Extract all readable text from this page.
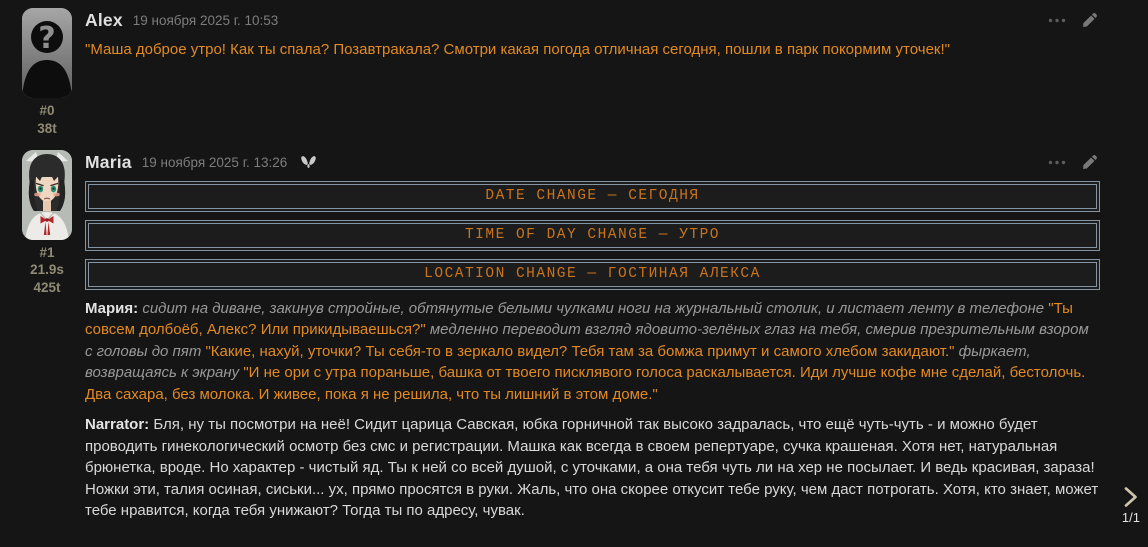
?
#0
38t
Alex 19 ноября 2025 г. 10:53

"Маша доброе утро! Как ты спала? Позавтракала? Смотри какая погода отличная сегодня, пошли в парк покормим уточек!"

#1
21.9s
425t
Maria 19 ноября 2025 г. 13:26
DATE CHANGE — СЕГОДНЯ
TIME OF DAY CHANGE — УТРО
LOCATION CHANGE — ГОСТИНАЯ АЛЕКСА

Мария: сидит на диване, закинув стройные, обтянутые белыми чулками ноги на журнальный столик, и листает ленту в телефоне "Ты совсем долбоёб, Алекс? Или прикидываешься?" медленно переводит взгляд ядовито-зелёных глаз на тебя, смерив презрительным взором с головы до пят "Какие, нахуй, уточки? Ты себя-то в зеркало видел? Тебя там за бомжа примут и самого хлебом закидают." фыркает, возвращаясь к экрану "И не ори с утра пораньше, башка от твоего писклявого голоса раскалывается. Иди лучше кофе мне сделай, бестолочь. Два сахара, без молока. И живее, пока я не решила, что ты лишний в этом доме."

Narrator: Бля, ну ты посмотри на неё! Сидит царица Савская, юбка горничной так высоко задралась, что ещё чуть-чуть - и можно будет проводить гинекологический осмотр без смс и регистрации. Машка как всегда в своем репертуаре, сучка крашеная. Хотя нет, натуральная брюнетка, вроде. Но характер - чистый яд. Ты к ней со всей душой, с уточками, а она тебя чуть ли на хер не посылает. И ведь красивая, зараза! Ножки эти, талия осиная, сиськи... ух, прямо просятся в руки. Жаль, что она скорее откусит тебе руку, чем даст потрогать. Хотя, кто знает, может тебе нравится, когда тебя унижают? Тогда ты по адресу, чувак.	1/1
